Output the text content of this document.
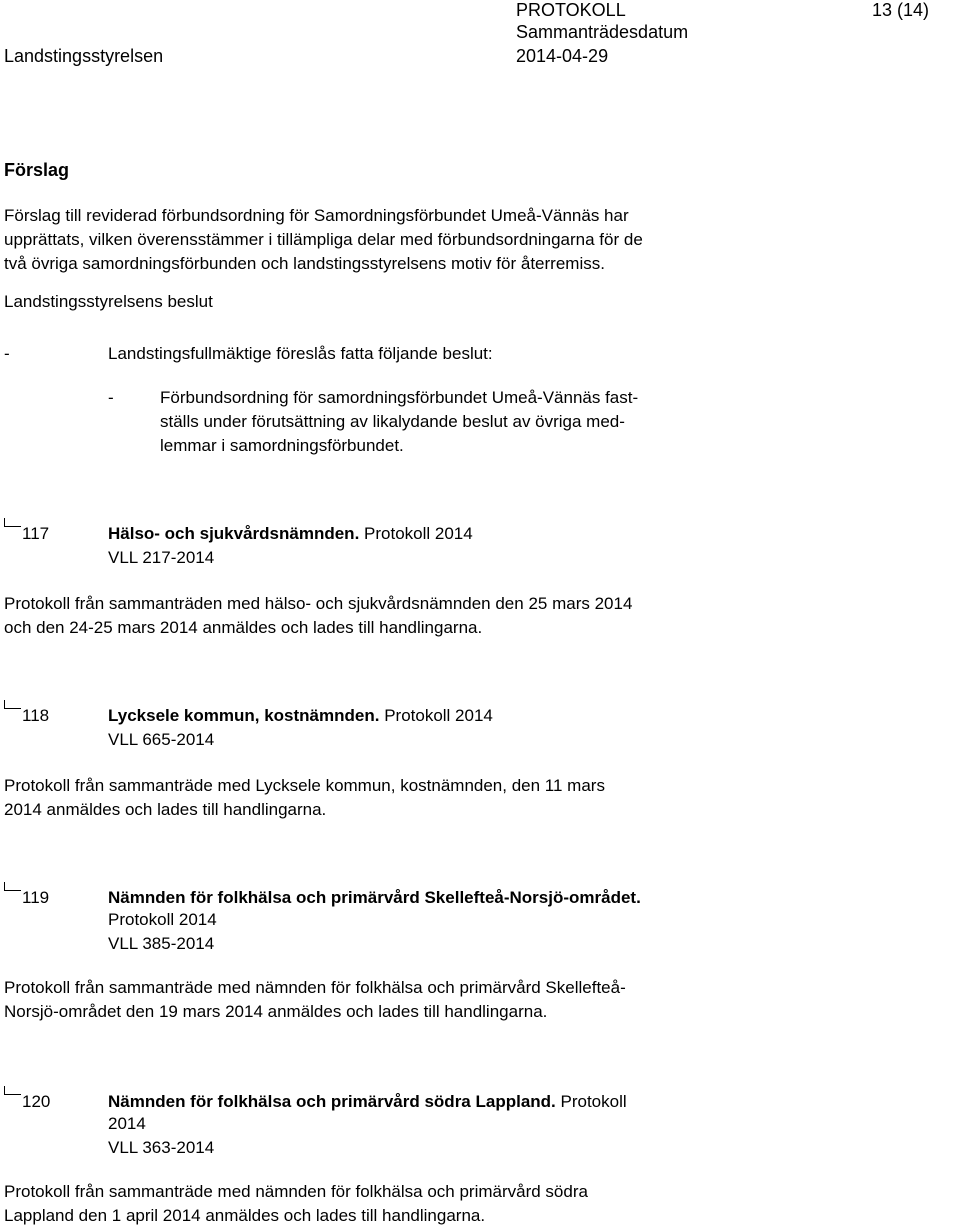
Landstingsstyrelsen
PROTOKOLL
Sammanträdesdatum
2014-04-29
13 (14)
Förslag
Förslag till reviderad förbundsordning för Samordningsförbundet Umeå-Vännäs har
upprättats, vilken överensstämmer i tillämpliga delar med förbundsordningarna för de
två övriga samordningsförbunden och landstingsstyrelsens motiv för återremiss.
Landstingsstyrelsens beslut
-	Landstingsfullmäktige föreslås fatta följande beslut:
-	Förbundsordning för samordningsförbundet Umeå-Vännäs fast-
ställs under förutsättning av likalydande beslut av övriga med-
lemmar i samordningsförbundet.
117	Hälso- och sjukvårdsnämnden. Protokoll 2014
VLL 217-2014
Protokoll från sammanträden med hälso- och sjukvårdsnämnden den 25 mars 2014
och den 24-25 mars 2014 anmäldes och lades till handlingarna.
118	Lycksele kommun, kostnämnden. Protokoll 2014
VLL 665-2014
Protokoll från sammanträde med Lycksele kommun, kostnämnden, den 11 mars
2014 anmäldes och lades till handlingarna.
119	Nämnden för folkhälsa och primärvård Skellefteå-Norsjö-området.
Protokoll 2014
VLL 385-2014
Protokoll från sammanträde med nämnden för folkhälsa och primärvård Skellefteå-
Norsjö-området den 19 mars 2014 anmäldes och lades till handlingarna.
120	Nämnden för folkhälsa och primärvård södra Lappland. Protokoll
2014
VLL 363-2014
Protokoll från sammanträde med nämnden för folkhälsa och primärvård södra
Lappland den 1 april 2014 anmäldes och lades till handlingarna.
